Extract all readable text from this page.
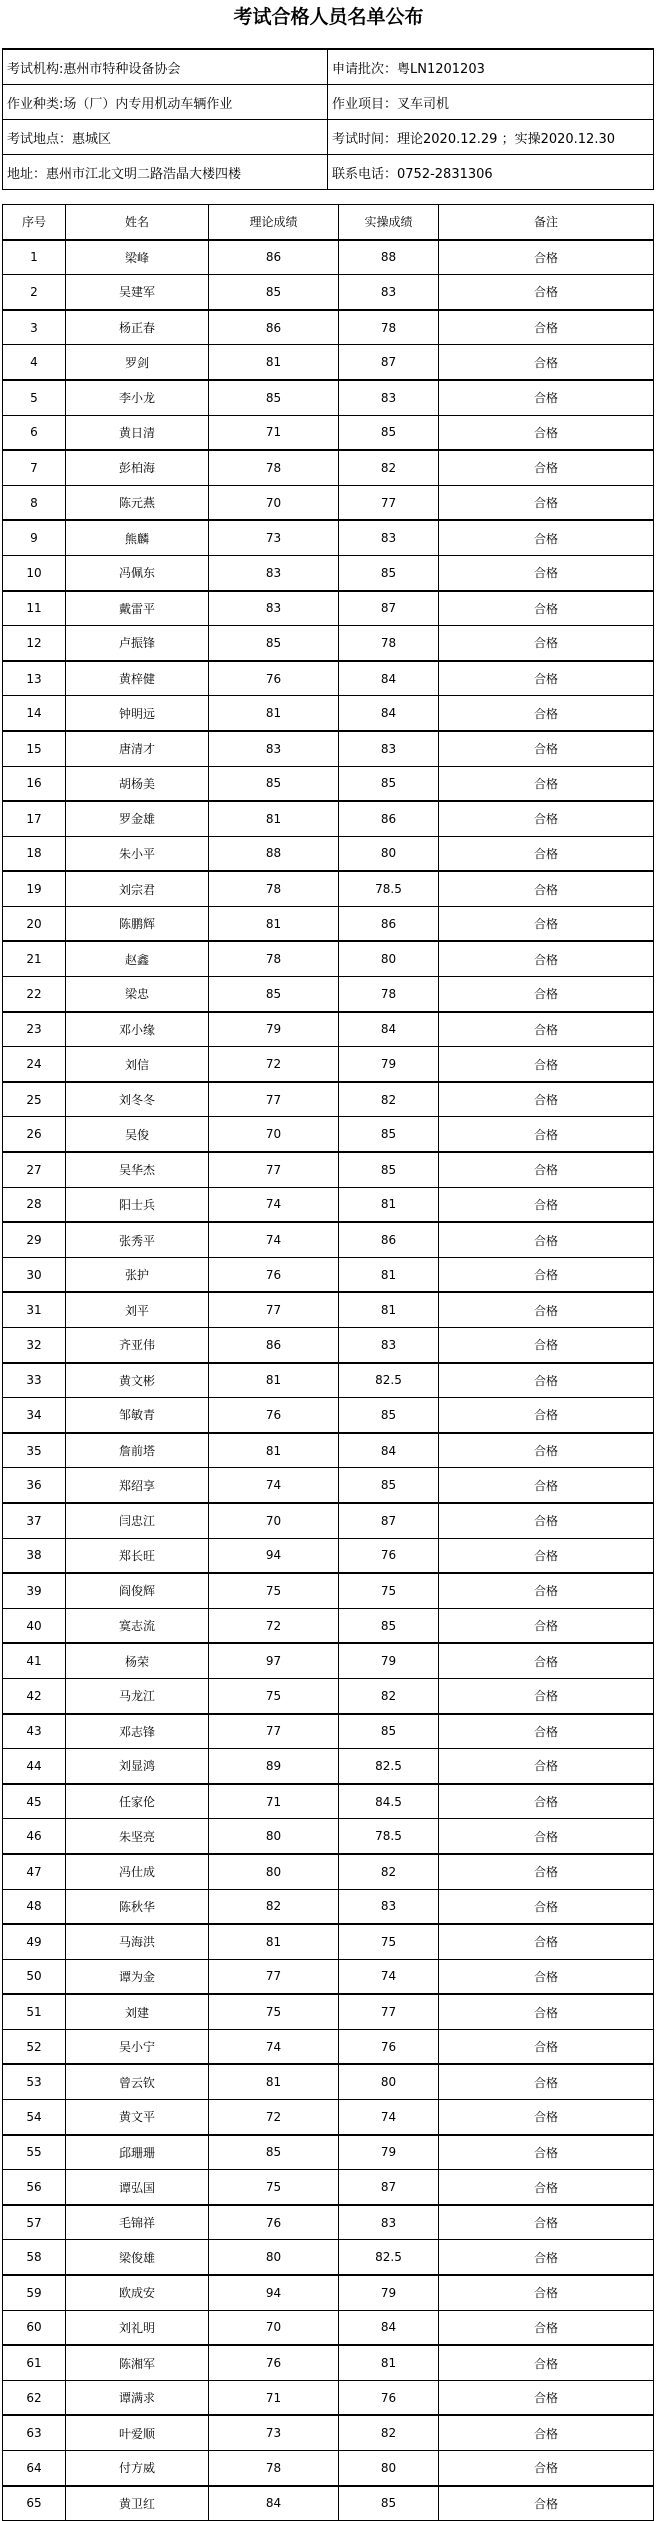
考试合格人员名单公布
考试机构:惠州市特种设备协会	申请批次：粤LN1201203
作业种类:场（厂）内专用机动车辆作业	作业项目：叉车司机
考试地点：惠城区	考试时间：理论2020.12.29 ；实操2020.12.30
地址：惠州市江北文明二路浩晶大楼四楼	联系电话：0752-2831306
序号	姓名	理论成绩	实操成绩	备注
1	梁峰	86	88	合格
2	吴建军	85	83	合格
3	杨正春	86	78	合格
4	罗剑	81	87	合格
5	李小龙	85	83	合格
6	黄日清	71	85	合格
7	彭柏海	78	82	合格
8	陈元燕	70	77	合格
9	熊麟	73	83	合格
10	冯佩东	83	85	合格
11	戴雷平	83	87	合格
12	卢振锋	85	78	合格
13	黄梓健	76	84	合格
14	钟明远	81	84	合格
15	唐清才	83	83	合格
16	胡杨美	85	85	合格
17	罗金雄	81	86	合格
18	朱小平	88	80	合格
19	刘宗君	78	78.5	合格
20	陈鹏辉	81	86	合格
21	赵鑫	78	80	合格
22	梁忠	85	78	合格
23	邓小缘	79	84	合格
24	刘信	72	79	合格
25	刘冬冬	77	82	合格
26	吴俊	70	85	合格
27	吴华杰	77	85	合格
28	阳士兵	74	81	合格
29	张秀平	74	86	合格
30	张护	76	81	合格
31	刘平	77	81	合格
32	齐亚伟	86	83	合格
33	黄文彬	81	82.5	合格
34	邹敏青	76	85	合格
35	詹前塔	81	84	合格
36	郑绍享	74	85	合格
37	闫忠江	70	87	合格
38	郑长旺	94	76	合格
39	阎俊辉	75	75	合格
40	寞志流	72	85	合格
41	杨荣	97	79	合格
42	马龙江	75	82	合格
43	邓志锋	77	85	合格
44	刘显鸿	89	82.5	合格
45	任家伦	71	84.5	合格
46	朱坚亮	80	78.5	合格
47	冯仕成	80	82	合格
48	陈秋华	82	83	合格
49	马海洪	81	75	合格
50	谭为金	77	74	合格
51	刘建	75	77	合格
52	吴小宁	74	76	合格
53	曾云钦	81	80	合格
54	黄文平	72	74	合格
55	邱珊珊	85	79	合格
56	谭弘国	75	87	合格
57	毛锦祥	76	83	合格
58	梁俊雄	80	82.5	合格
59	欧成安	94	79	合格
60	刘礼明	70	84	合格
61	陈湘军	76	81	合格
62	谭满求	71	76	合格
63	叶爱顺	73	82	合格
64	付方威	78	80	合格
65	黄卫红	84	85	合格
